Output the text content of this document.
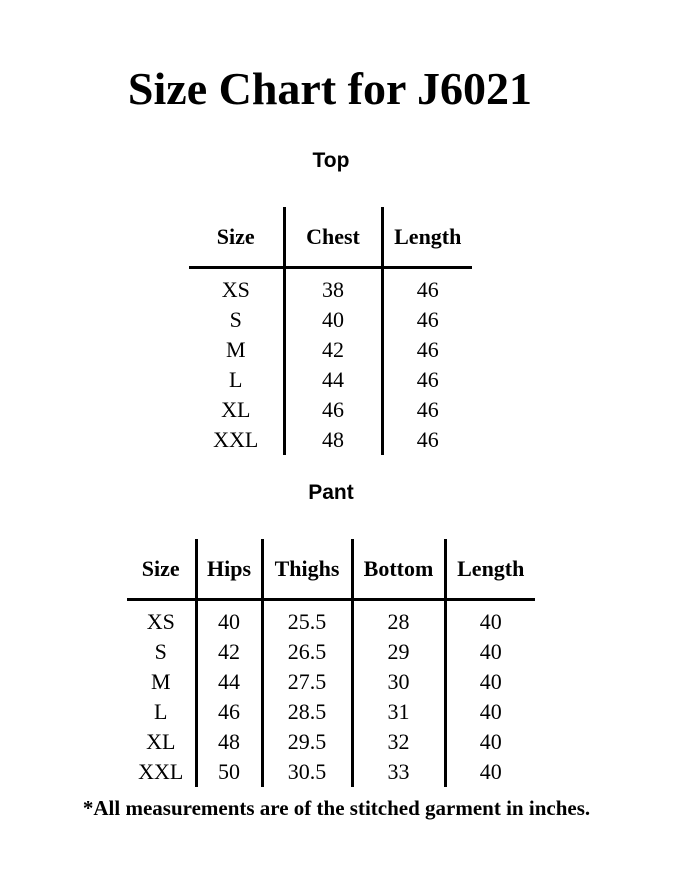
Size Chart for J6021
Top
Size	Chest	Length
XS	38	46
S	40	46
M	42	46
L	44	46
XL	46	46
XXL	48	46
Pant
Size	Hips	Thighs	Bottom	Length
XS	40	25.5	28	40
S	42	26.5	29	40
M	44	27.5	30	40
L	46	28.5	31	40
XL	48	29.5	32	40
XXL	50	30.5	33	40

*All measurements are of the stitched garment in inches.
